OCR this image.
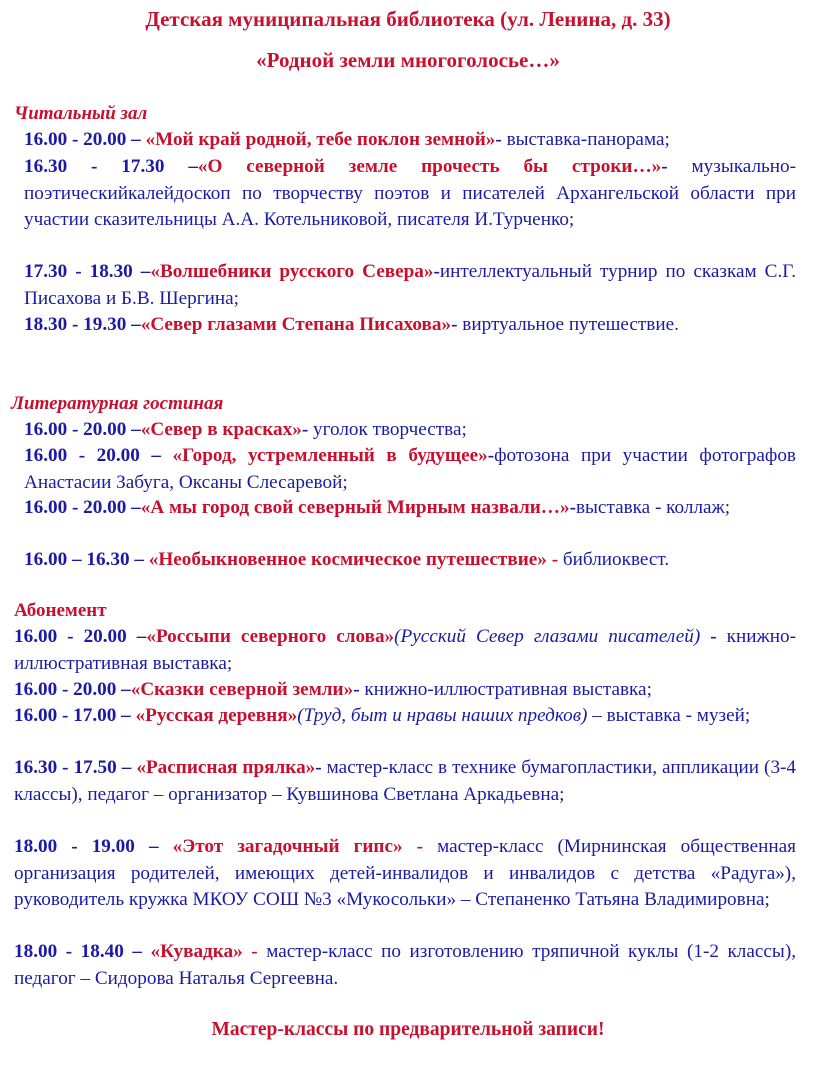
Детская муниципальная библиотека (ул. Ленина, д. 33)
«Родной земли многоголосье…»
Читальный зал
16.00 - 20.00 – «Мой край родной, тебе поклон земной»- выставка-панорама;
16.30 - 17.30 –«О северной земле прочесть бы строки…»- музыкально-поэтическийкалейдоскоп по творчеству поэтов и писателей Архангельской области при участии сказительницы А.А. Котельниковой, писателя И.Турченко;
17.30 - 18.30 –«Волшебники русского Севера»-интеллектуальный турнир по сказкам С.Г. Писахова и Б.В. Шергина;
18.30 - 19.30 –«Север глазами Степана Писахова»- виртуальное путешествие.
Литературная гостиная
16.00 - 20.00 –«Север в красках»- уголок творчества;
16.00 - 20.00 – «Город, устремленный в будущее»-фотозона при участии фотографов Анастасии Забуга, Оксаны Слесаревой;
16.00 - 20.00 –«А мы город свой северный Мирным назвали…»-выставка - коллаж;
16.00 – 16.30 – «Необыкновенное космическое путешествие» - библиоквест.
Абонемент
16.00 - 20.00 –«Россыпи северного слова»(Русский Север глазами писателей) - книжно-иллюстративная выставка;
16.00 - 20.00 –«Сказки северной земли»- книжно-иллюстративная выставка;
16.00 - 17.00 – «Русская деревня»(Труд, быт и нравы наших предков) – выставка - музей;
16.30 - 17.50 – «Расписная прялка»- мастер-класс в технике бумагопластики, аппликации (3-4 классы), педагог – организатор – Кувшинова Светлана Аркадьевна;
18.00 - 19.00 – «Этот загадочный гипс» - мастер-класс (Мирнинская общественная организация родителей, имеющих детей-инвалидов и инвалидов с детства «Радуга»), руководитель кружка МКОУ СОШ №3 «Мукосольки» – Степаненко Татьяна Владимировна;
18.00 - 18.40 – «Кувадка» - мастер-класс по изготовлению тряпичной куклы (1-2 классы), педагог – Сидорова Наталья Сергеевна.
Мастер-классы по предварительной записи!
